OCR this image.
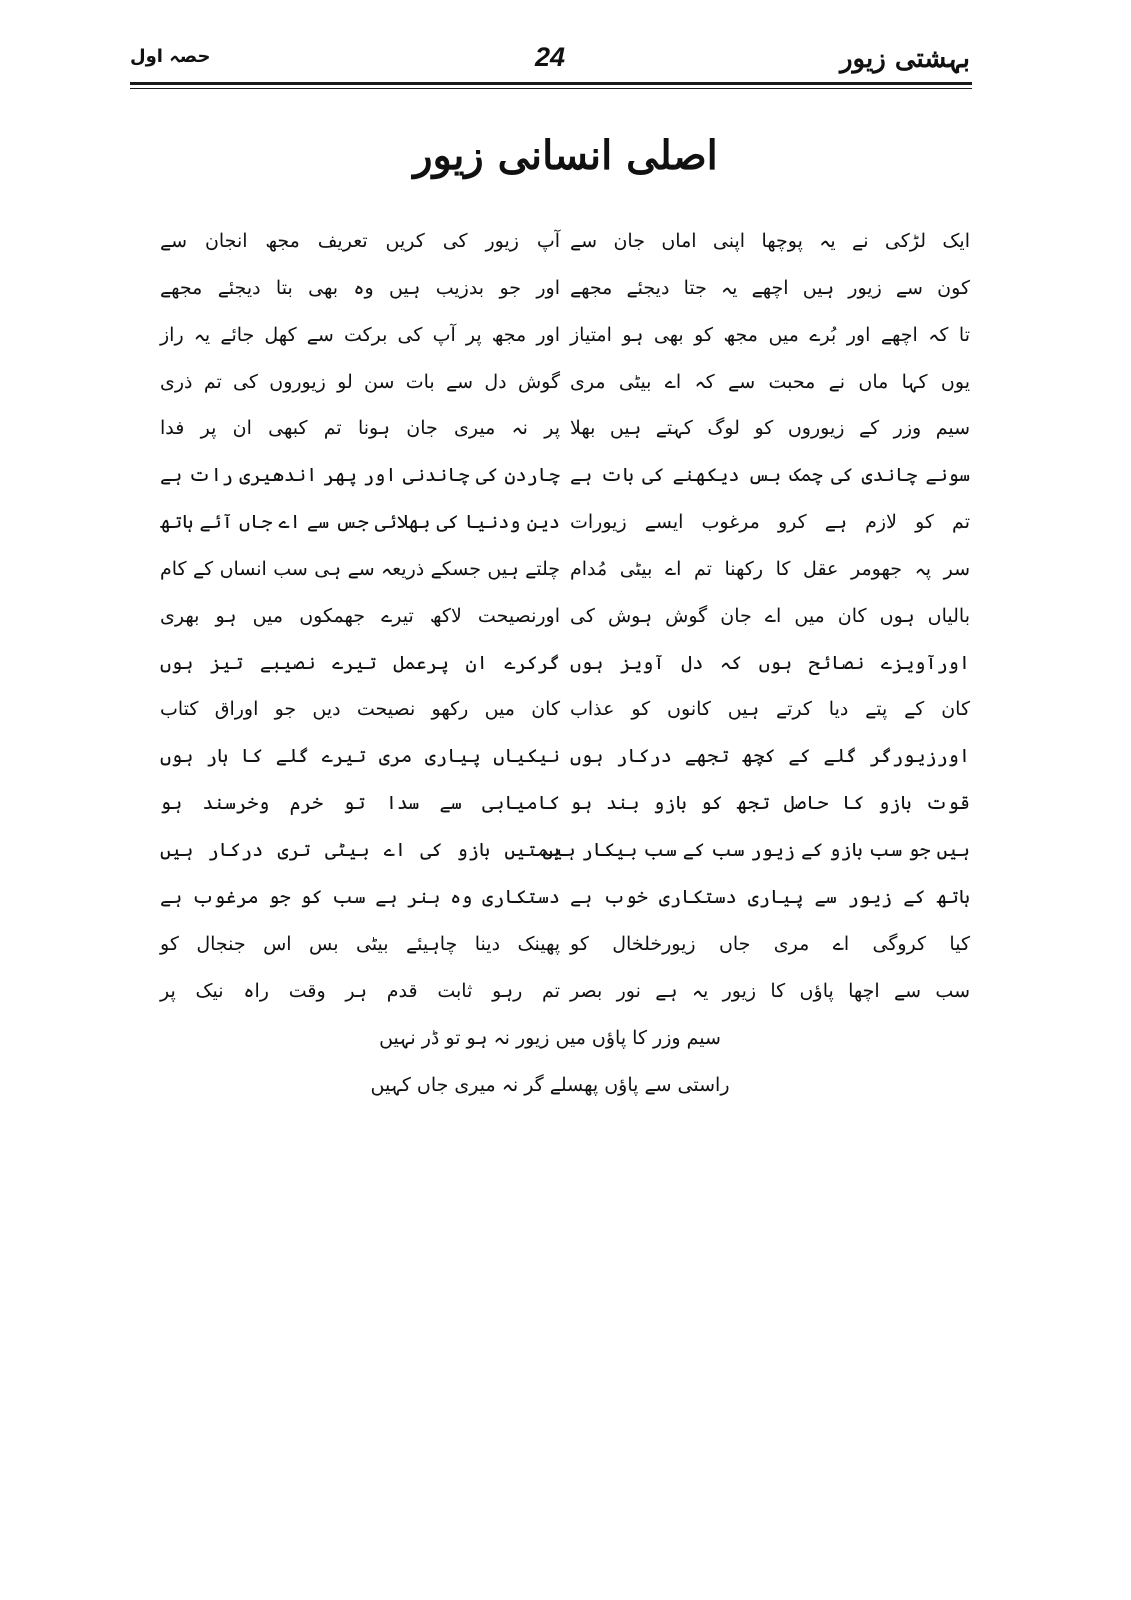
بہشتی زیور
24
حصہ اول
اصلی انسانی زیور
ایک لڑکی نے یہ پوچھا اپنی اماں جان سے
کون سے زیور ہیں اچھے یہ جتا دیجئے مجھے
تا کہ اچھے اور بُرے میں مجھ کو بھی ہو امتیاز
یوں کہا ماں نے محبت سے کہ اے بیٹی مری
سیم وزر کے زیوروں کو لوگ کہتے ہیں بھلا
سونے چاندی کی چمک بس دیکھنے کی بات ہے
تم کو لازم ہے کرو مرغوب ایسے زیورات
سر پہ جھومر عقل کا رکھنا تم اے بیٹی مُدام
بالیاں ہوں کان میں اے جان گوش ہوش کی
اورآویزے نصائح ہوں کہ دل آویز ہوں
کان کے پتے دیا کرتے ہیں کانوں کو عذاب
اورزیورگر گلے کے کچھ تجھے درکار ہوں
قوت بازو کا حاصل تجھ کو بازو بند ہو
ہیں جو سب بازو کے زیور سب کے سب بیکار ہیں
ہاتھ کے زیور سے پیاری دستکاری خوب ہے
کیا کروگی اے مری جاں زیورخلخال کو
سب سے اچھا پاؤں کا زیور یہ ہے نور بصر
آپ زیور کی کریں تعریف مجھ انجان سے
اور جو بدزیب ہیں وہ بھی بتا دیجئے مجھے
اور مجھ پر آپ کی برکت سے کھل جائے یہ راز
گوش دل سے بات سن لو زیوروں کی تم ذری
پر نہ میری جان ہونا تم کبھی ان پر فدا
چاردن کی چاندنی اور پھر اندھیری رات ہے
دین ودنیا کی بھلائی جس سے اے جاں آئے ہاتھ
چلتے ہیں جسکے ذریعہ سے ہی سب انساں کے کام
اورنصیحت لاکھ تیرے جھمکوں میں ہو بھری
گرکرے ان پرعمل تیرے نصیبے تیز ہوں
کان میں رکھو نصیحت دیں جو اوراق کتاب
نیکیاں پیاری مری تیرے گلے کا ہار ہوں
کامیابی سے سدا تو خرم وخرسند ہو
ہمتیں بازو کی اے بیٹی تری درکار ہیں
دستکاری وہ ہنر ہے سب کو جو مرغوب ہے
پھینک دینا چاہیئے بیٹی بس اس جنجال کو
تم رہو ثابت قدم ہر وقت راہ نیک پر
سیم وزر کا پاؤں میں زیور نہ ہو تو ڈر نہیں
راستی سے پاؤں پھسلے گر نہ میری جاں کہیں
